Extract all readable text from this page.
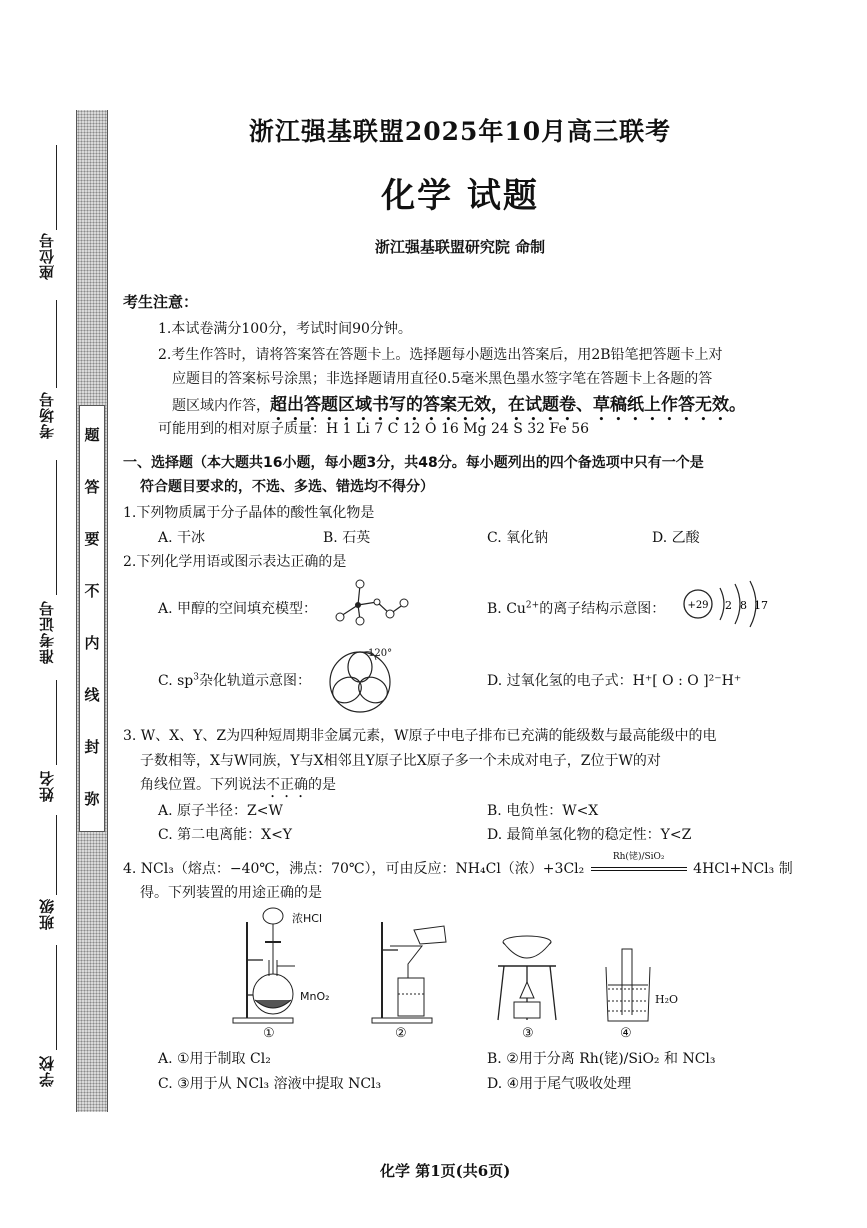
座位号
考场号
准考证号
姓名
班级
学校
题
答
要
不
内
线
封
弥
浙江强基联盟2025年10月高三联考
化学 试题
浙江强基联盟研究院 命制
考生注意：
1.本试卷满分100分，考试时间90分钟。
2.考生作答时，请将答案答在答题卡上。选择题每小题选出答案后，用2B铅笔把答题卡上对
应题目的答案标号涂黑；非选择题请用直径0.5毫米黑色墨水签字笔在答题卡上各题的答
题区域内作答，超出答题区域书写的答案无效，在试题卷、草稿纸上作答无效。
可能用到的相对原子质量：H 1 Li 7 C 12 O 16 Mg 24 S 32 Fe 56
一、选择题（本大题共16小题，每小题3分，共48分。每小题列出的四个备选项中只有一个是
符合题目要求的，不选、多选、错选均不得分）
1.下列物质属于分子晶体的酸性氧化物是
A. 干冰	B. 石英	C. 氧化钠	D. 乙酸
2.下列化学用语或图示表达正确的是
A. 甲醇的空间填充模型：	B. $Cu^{2+}$的离子结构示意图： +29 2 8 17
C. $sp^3$杂化轨道示意图：
120°
D. 过氧化氢的电子式：H⁺[ O : O ]²⁻H⁺
3. W、X、Y、Z为四种短周期非金属元素，W原子中电子排布已充满的能级数与最高能级中的电
子数相等，X与W同族，Y与X相邻且Y原子比X原子多一个未成对电子，Z位于W的对
角线位置。下列说法不正确的是
A. 原子半径：Z<W	B. 电负性：W<X
C. 第二电离能：X<Y	D. 最简单氢化物的稳定性：Y<Z
4. NCl₃（熔点：−40℃，沸点：70℃），可由反应：NH₄Cl（浓）+3Cl₂
Rh(铑)/SiO₂
4HCl+NCl₃ 制
得。下列装置的用途正确的是
浓HCl
MnO₂	H₂O
①	②	③	④
A. ①用于制取 Cl₂	B. ②用于分离 Rh(铑)/SiO₂ 和 NCl₃
C. ③用于从 NCl₃ 溶液中提取 NCl₃	D. ④用于尾气吸收处理
化学 第1页(共6页)
